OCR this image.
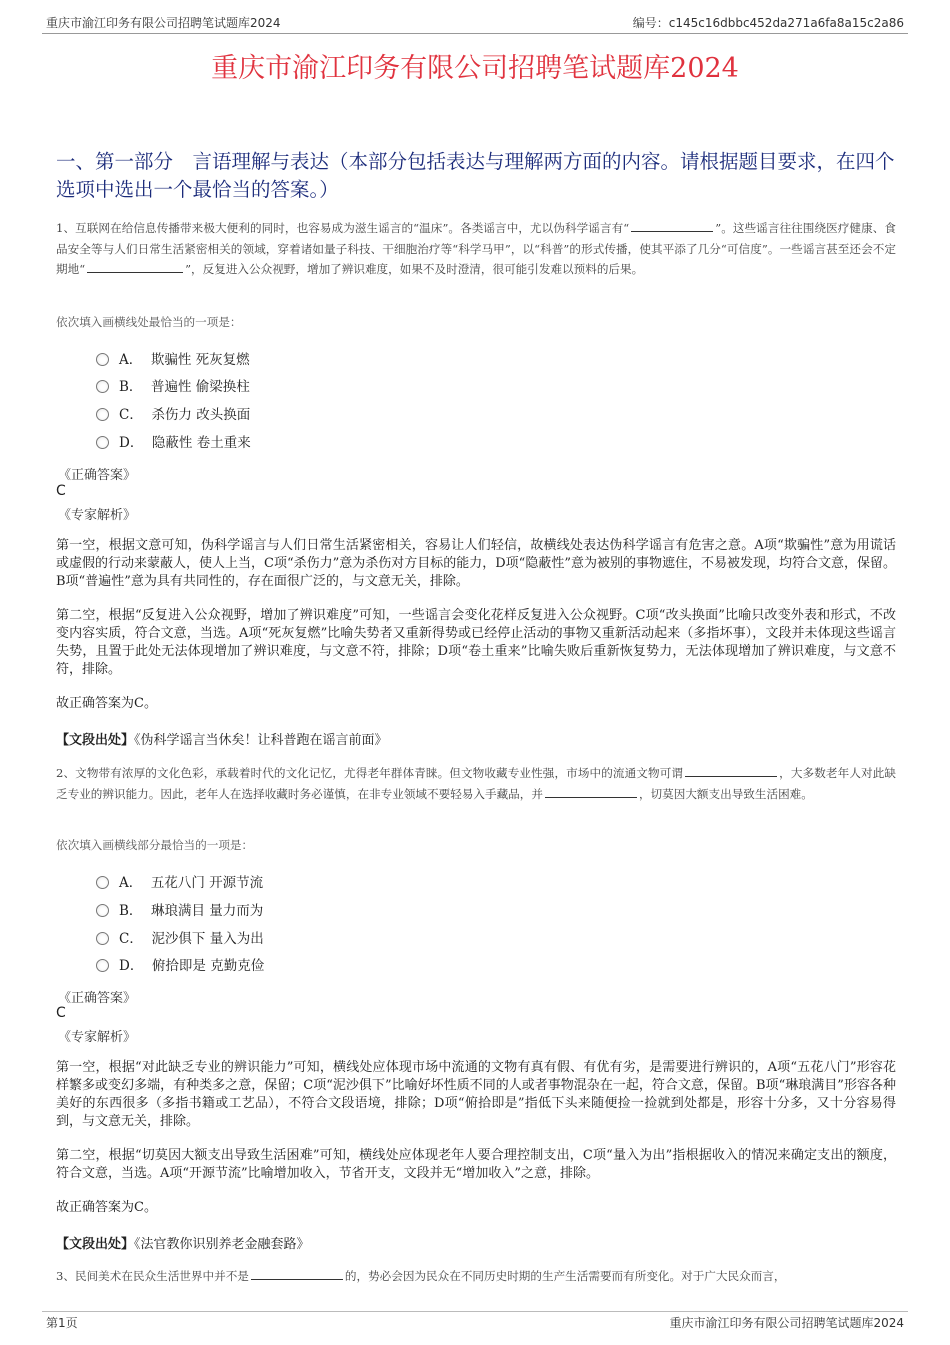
重庆市渝江印务有限公司招聘笔试题库2024	编号：c145c16dbbc452da271a6fa8a15c2a86
重庆市渝江印务有限公司招聘笔试题库2024
一、第一部分　言语理解与表达（本部分包括表达与理解两方面的内容。请根据题目要求，在四个选项中选出一个最恰当的答案。）
1、互联网在给信息传播带来极大便利的同时，也容易成为滋生谣言的“温床”。各类谣言中，尤以伪科学谣言有“	”。这些谣言往往围绕医疗健康、食品安全等与人们日常生活紧密相关的领域，穿着诸如量子科技、干细胞治疗等“科学马甲”，以“科普”的形式传播，使其平添了几分“可信度”。一些谣言甚至还会不定期地“	”，反复进入公众视野，增加了辨识难度，如果不及时澄清，很可能引发难以预料的后果。
依次填入画横线处最恰当的一项是：
A． 欺骗性 死灰复燃
B． 普遍性 偷梁换柱
C． 杀伤力 改头换面
D． 隐蔽性 卷土重来
《正确答案》
C
《专家解析》
第一空，根据文意可知，伪科学谣言与人们日常生活紧密相关，容易让人们轻信，故横线处表达伪科学谣言有危害之意。A项“欺骗性”意为用谎话或虚假的行动来蒙蔽人，使人上当，C项“杀伤力”意为杀伤对方目标的能力，D项“隐蔽性”意为被别的事物遮住，不易被发现，均符合文意，保留。B项“普遍性”意为具有共同性的，存在面很广泛的，与文意无关，排除。
第二空，根据“反复进入公众视野，增加了辨识难度”可知，一些谣言会变化花样反复进入公众视野。C项“改头换面”比喻只改变外表和形式，不改变内容实质，符合文意，当选。A项“死灰复燃”比喻失势者又重新得势或已经停止活动的事物又重新活动起来（多指坏事），文段并未体现这些谣言失势，且置于此处无法体现增加了辨识难度，与文意不符，排除；D项“卷土重来”比喻失败后重新恢复势力，无法体现增加了辨识难度，与文意不符，排除。
故正确答案为C。
【文段出处】《伪科学谣言当休矣！让科普跑在谣言前面》
2、文物带有浓厚的文化色彩，承载着时代的文化记忆，尤得老年群体青睐。但文物收藏专业性强，市场中的流通文物可谓	，大多数老年人对此缺乏专业的辨识能力。因此，老年人在选择收藏时务必谨慎，在非专业领域不要轻易入手藏品，并	，切莫因大额支出导致生活困难。
依次填入画横线部分最恰当的一项是：
A． 五花八门 开源节流
B． 琳琅满目 量力而为
C． 泥沙俱下 量入为出
D． 俯拾即是 克勤克俭
《正确答案》
C
《专家解析》
第一空，根据“对此缺乏专业的辨识能力”可知，横线处应体现市场中流通的文物有真有假、有优有劣，是需要进行辨识的，A项“五花八门”形容花样繁多或变幻多端，有种类多之意，保留；C项“泥沙俱下”比喻好坏性质不同的人或者事物混杂在一起，符合文意，保留。B项“琳琅满目”形容各种美好的东西很多（多指书籍或工艺品），不符合文段语境，排除；D项“俯拾即是”指低下头来随便捡一捡就到处都是，形容十分多，又十分容易得到，与文意无关，排除。
第二空，根据“切莫因大额支出导致生活困难”可知，横线处应体现老年人要合理控制支出，C项“量入为出”指根据收入的情况来确定支出的额度，符合文意，当选。A项“开源节流”比喻增加收入，节省开支，文段并无“增加收入”之意，排除。
故正确答案为C。
【文段出处】《法官教你识别养老金融套路》
3、民间美术在民众生活世界中并不是	的，势必会因为民众在不同历史时期的生产生活需要而有所变化。对于广大民众而言，
第1页	重庆市渝江印务有限公司招聘笔试题库2024
